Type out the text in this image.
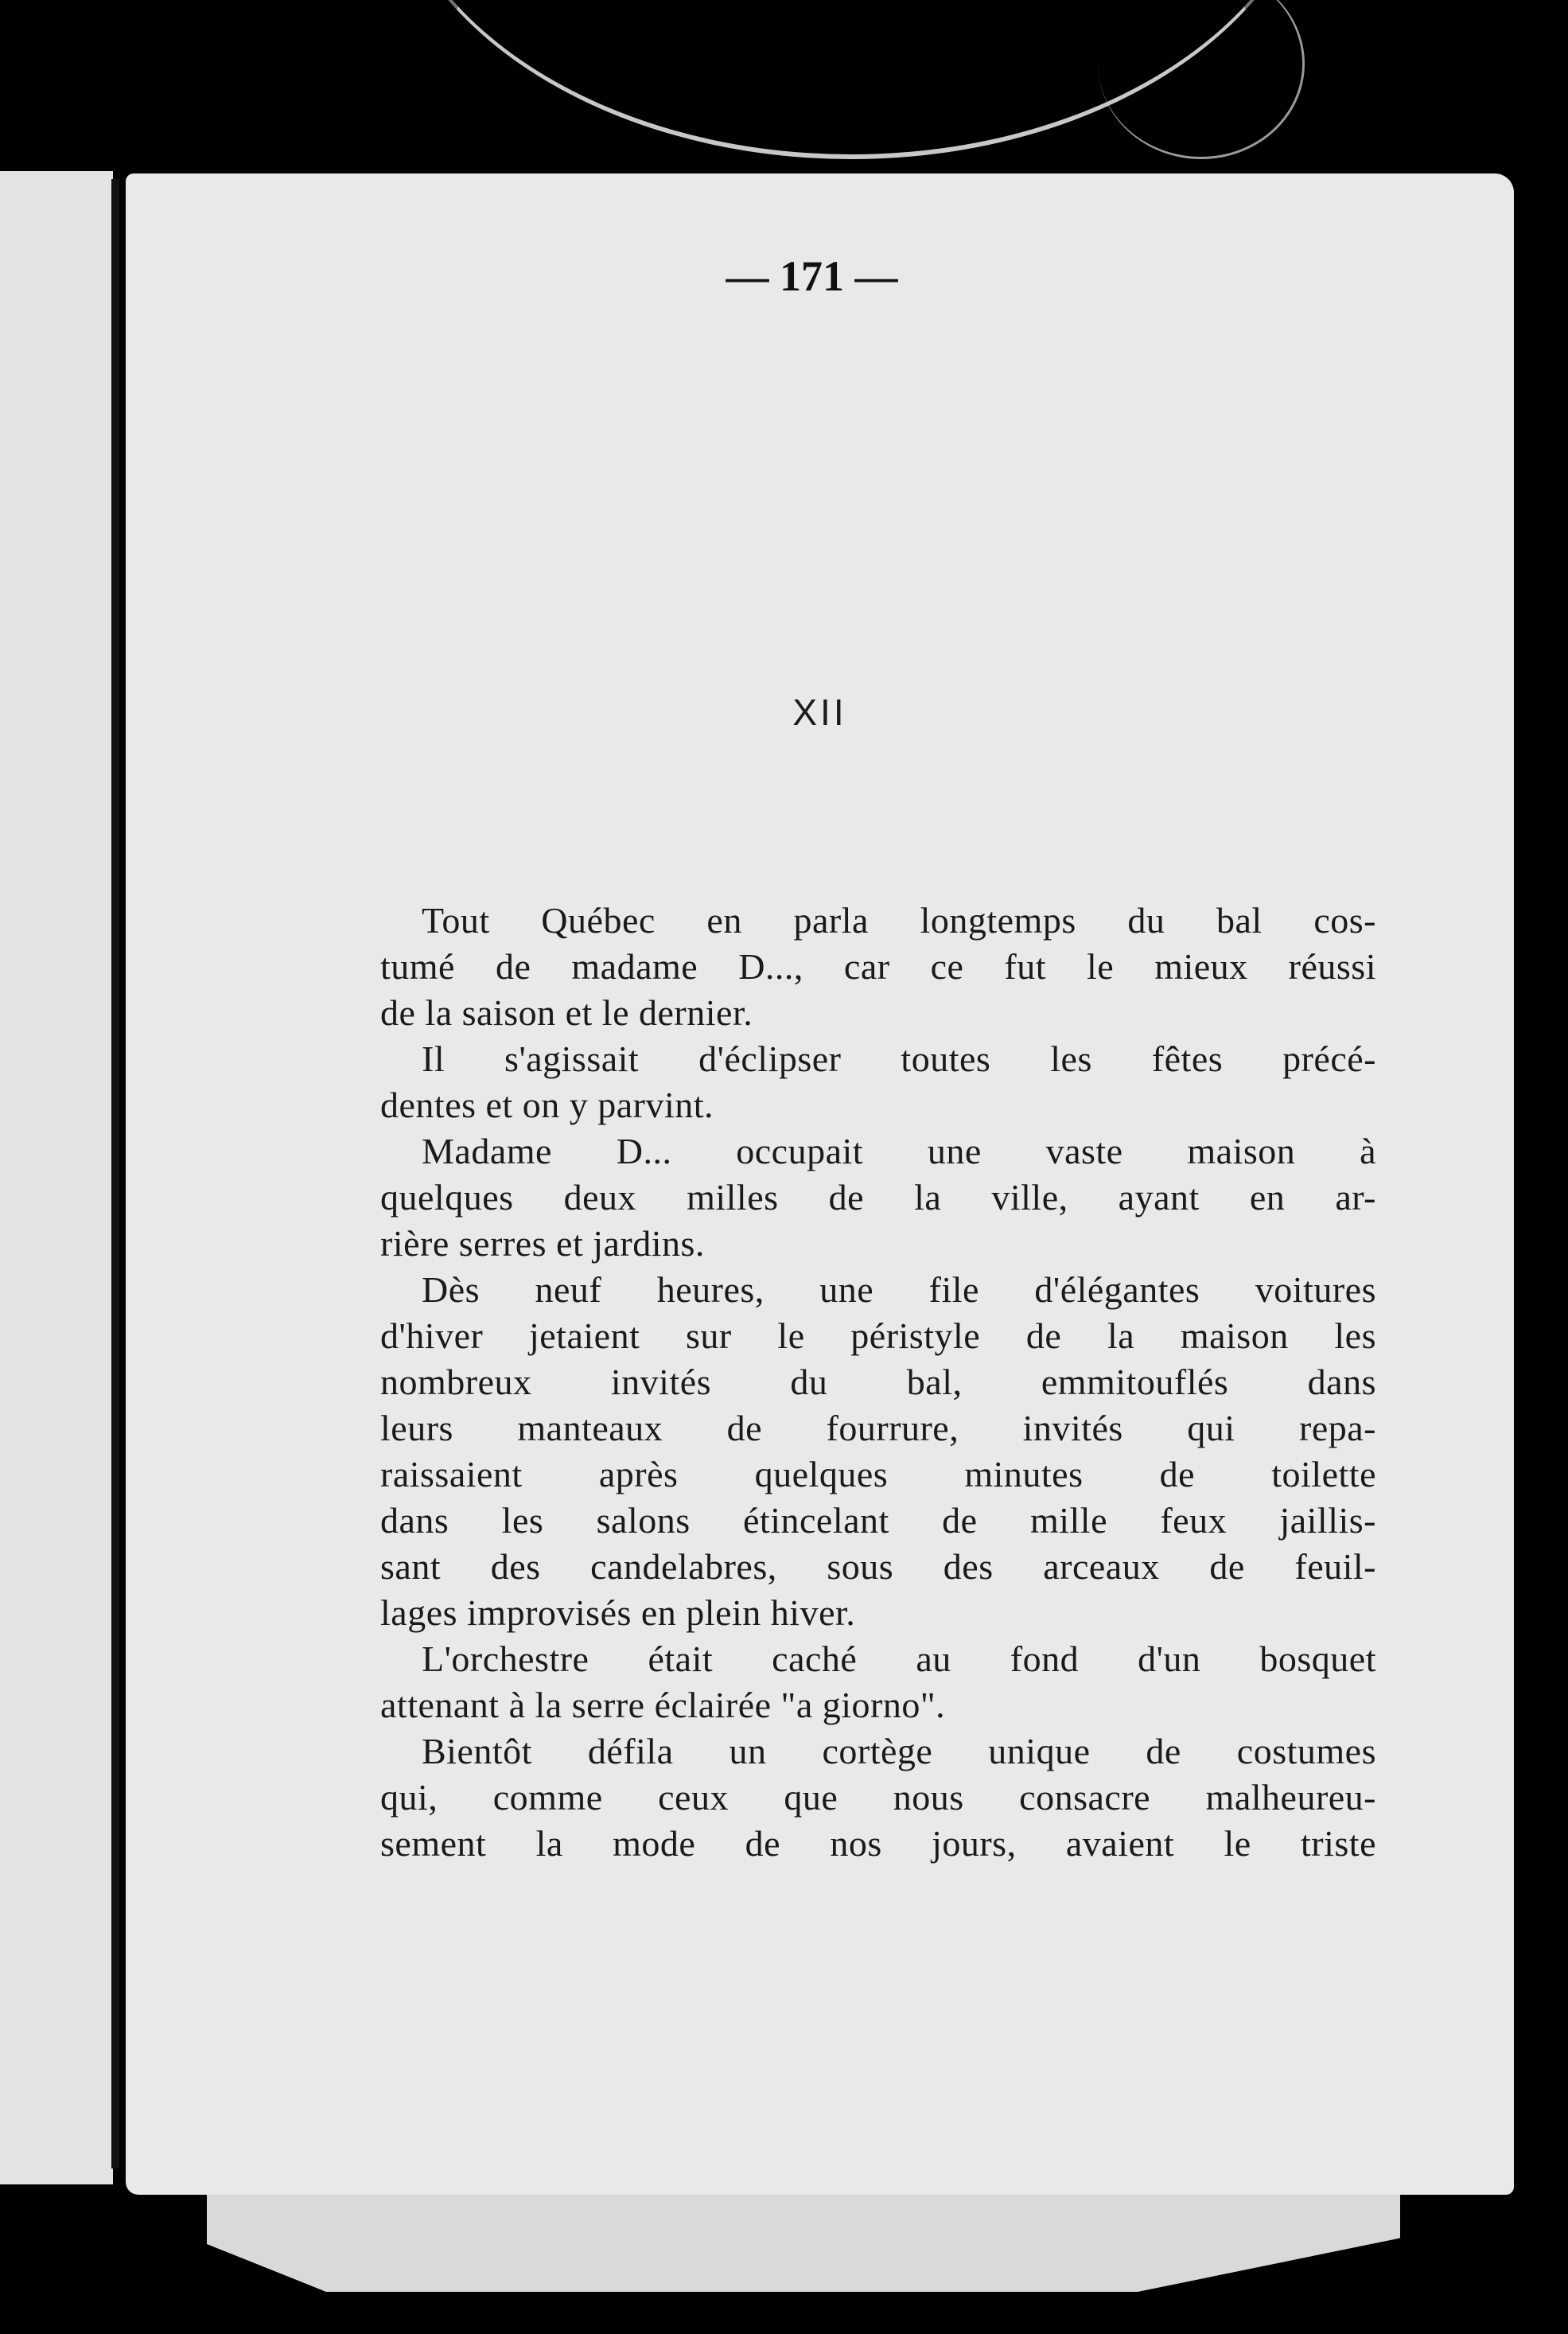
— 171 —
XII
Tout Québec en parla longtemps du bal cos-
tumé de madame D..., car ce fut le mieux réussi
de la saison et le dernier.
Il s'agissait d'éclipser toutes les fêtes précé-
dentes et on y parvint.
Madame D... occupait une vaste maison à
quelques deux milles de la ville, ayant en ar-
rière serres et jardins.
Dès neuf heures, une file d'élégantes voitures
d'hiver jetaient sur le péristyle de la maison les
nombreux invités du bal, emmitouflés dans
leurs manteaux de fourrure, invités qui repa-
raissaient après quelques minutes de toilette
dans les salons étincelant de mille feux jaillis-
sant des candelabres, sous des arceaux de feuil-
lages improvisés en plein hiver.
L'orchestre était caché au fond d'un bosquet
attenant à la serre éclairée "a giorno".
Bientôt défila un cortège unique de costumes
qui, comme ceux que nous consacre malheureu-
sement la mode de nos jours, avaient le triste
